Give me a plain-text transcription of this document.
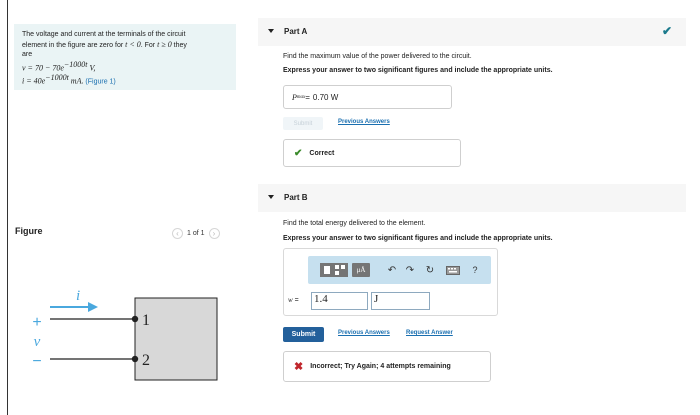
The voltage and current at the terminals of the circuit
element in the figure are zero for t < 0. For t ≥ 0 they
are
$v = 70 - 70e^{-1000t}$ V,
$i = 40e^{-1000t}$ mA. (Figure 1)
Figure	‹	1 of 1	›
i
+
v
−
1
2
Part A	✔
Find the maximum value of the power delivered to the circuit.
Express your answer to two significant figures and include the appropriate units.
P max = 0.70 W
Submit	Previous Answers
✔ Correct
Part B
Find the total energy delivered to the element.
Express your answer to two significant figures and include the appropriate units.
μÅ	↶ ↷ ↻	?
w = 1.4	J
Submit	Previous Answers	Request Answer
✖ Incorrect; Try Again; 4 attempts remaining
